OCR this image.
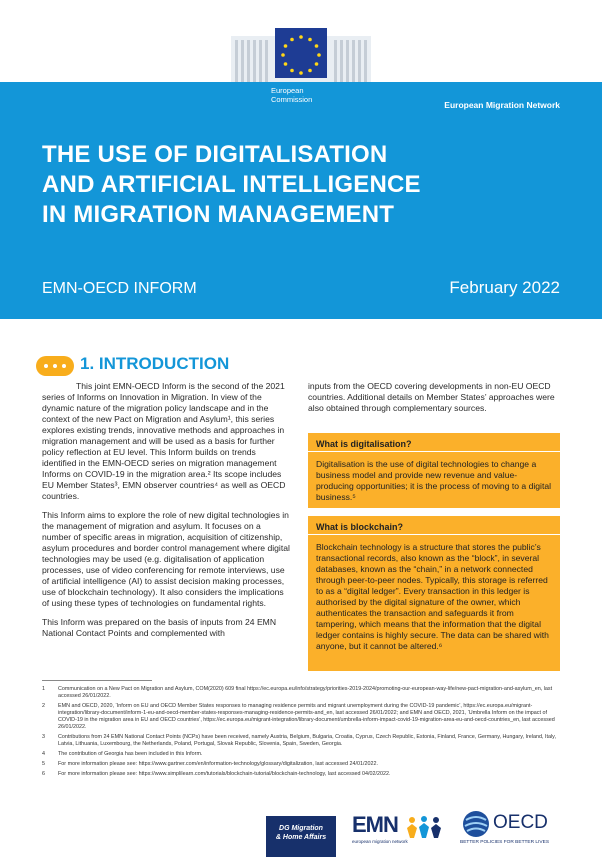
European
Commission
European Migration Network
THE USE OF DIGITALISATION
AND ARTIFICIAL INTELLIGENCE
IN MIGRATION MANAGEMENT
EMN-OECD INFORM	February 2022
1. INTRODUCTION

This joint EMN-OECD Inform is the second of the 2021 series of Informs on Innovation in Migration. In view of the dynamic nature of the migration policy landscape and in the context of the new Pact on Migration and Asylum¹, this series explores existing trends, innovative methods and approaches in migration management and will be used as a basis for further policy reflection at EU level. This Inform builds on trends identified in the EMN-OECD series on migration management Informs on COVID-19 in the migration area.² Its scope includes EU Member States³, EMN observer countries⁴ as well as OECD countries.

This Inform aims to explore the role of new digital technologies in the management of migration and asylum. It focuses on a number of specific areas in migration, acquisition of citizenship, asylum procedures and border control management where digital technologies may be used (e.g. digitalisation of application processes, use of video conferencing for remote interviews, use of artificial intelligence (AI) to assist decision making processes, use of blockchain technology). It also considers the implications of using these types of technologies on fundamental rights.

This Inform was prepared on the basis of inputs from 24 EMN National Contact Points and complemented with

inputs from the OECD covering developments in non-EU OECD countries. Additional details on Member States’ approaches were also obtained through complementary sources.

What is digitalisation?
Digitalisation is the use of digital technologies to change a business model and provide new revenue and value-producing opportunities; it is the process of moving to a digital business.⁵
What is blockchain?
Blockchain technology is a structure that stores the public’s transactional records, also known as the “block”, in several databases, known as the “chain,” in a network connected through peer-to-peer nodes. Typically, this storage is referred to as a “digital ledger”. Every transaction in this ledger is authorised by the digital signature of the owner, which authenticates the transaction and safeguards it from tampering, which means that the information that the digital ledger contains is highly secure. The data can be shared with anyone, but it cannot be altered.⁶
1	Communication on a New Pact on Migration and Asylum, COM(2020) 609 final https://ec.europa.eu/info/strategy/priorities-2019-2024/promoting-our-european-way-life/new-pact-migration-and-asylum_en, last accessed 26/01/2022.
2	EMN and OECD, 2020, ‘Inform on EU and OECD Member States responses to managing residence permits and migrant unemployment during the COVID-19 pandemic’, https://ec.europa.eu/migrant-integration/library-document/inform-1-eu-and-oecd-member-states-responses-managing-residence-permits-and_en, last accessed 26/01/2022; and EMN and OECD, 2021, ‘Umbrella Inform on the impact of COVID-19 in the migration area in EU and OECD countries’, https://ec.europa.eu/migrant-integration/library-document/umbrella-inform-impact-covid-19-migration-area-eu-and-oecd-countries_en, last accessed 26/01/2022.
3	Contributions from 24 EMN National Contact Points (NCPs) have been received, namely Austria, Belgium, Bulgaria, Croatia, Cyprus, Czech Republic, Estonia, Finland, France, Germany, Hungary, Ireland, Italy, Latvia, Lithuania, Luxembourg, the Netherlands, Poland, Portugal, Slovak Republic, Slovenia, Spain, Sweden, Georgia.
4	The contribution of Georgia has been included in this Inform.
5	For more information please see: https://www.gartner.com/en/information-technology/glossary/digitalization, last accessed 24/01/2022.
6	For more information please see: https://www.simplilearn.com/tutorials/blockchain-tutorial/blockchain-technology, last accessed 04/02/2022.
DG Migration
& Home Affairs
EMN
european migration network
OECD
BETTER POLICIES FOR BETTER LIVES
